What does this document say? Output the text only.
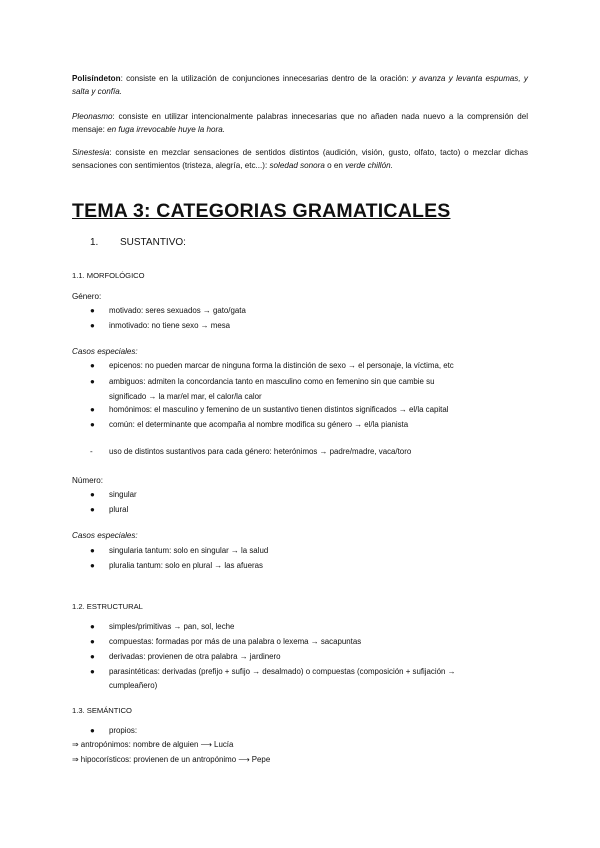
Polisíndeton: consiste en la utilización de conjunciones innecesarias dentro de la oración: y avanza y levanta espumas, y salta y confía.
Pleonasmo: consiste en utilizar intencionalmente palabras innecesarias que no añaden nada nuevo a la comprensión del mensaje: en fuga irrevocable huye la hora.
Sinestesia: consiste en mezclar sensaciones de sentidos distintos (audición, visión, gusto, olfato, tacto) o mezclar dichas sensaciones con sentimientos (tristeza, alegría, etc...): soledad sonora o en verde chillón.
TEMA 3: CATEGORIAS GRAMATICALES
1. SUSTANTIVO:
1.1. MORFOLÓGICO
Género:
● motivado: seres sexuados → gato/gata
● inmotivado: no tiene sexo → mesa
Casos especiales:
● epicenos: no pueden marcar de ninguna forma la distinción de sexo → el personaje, la víctima, etc
● ambiguos: admiten la concordancia tanto en masculino como en femenino sin que cambie su
significado → la mar/el mar, el calor/la calor
● homónimos: el masculino y femenino de un sustantivo tienen distintos significados → el/la capital
● común: el determinante que acompaña al nombre modifica su género → el/la pianista
- uso de distintos sustantivos para cada género: heterónimos → padre/madre, vaca/toro
Número:
● singular
● plural
Casos especiales:
● singularia tantum: solo en singular → la salud
● pluralia tantum: solo en plural → las afueras
1.2. ESTRUCTURAL
● simples/primitivas → pan, sol, leche
● compuestas: formadas por más de una palabra o lexema → sacapuntas
● derivadas: provienen de otra palabra → jardinero
● parasintéticas: derivadas (prefijo + sufijo → desalmado) o compuestas (composición + sufijación →
cumpleañero)
1.3. SEMÁNTICO
● propios:
⇒ antropónimos: nombre de alguien ⟶ Lucía
⇒ hipocorísticos: provienen de un antropónimo ⟶ Pepe
